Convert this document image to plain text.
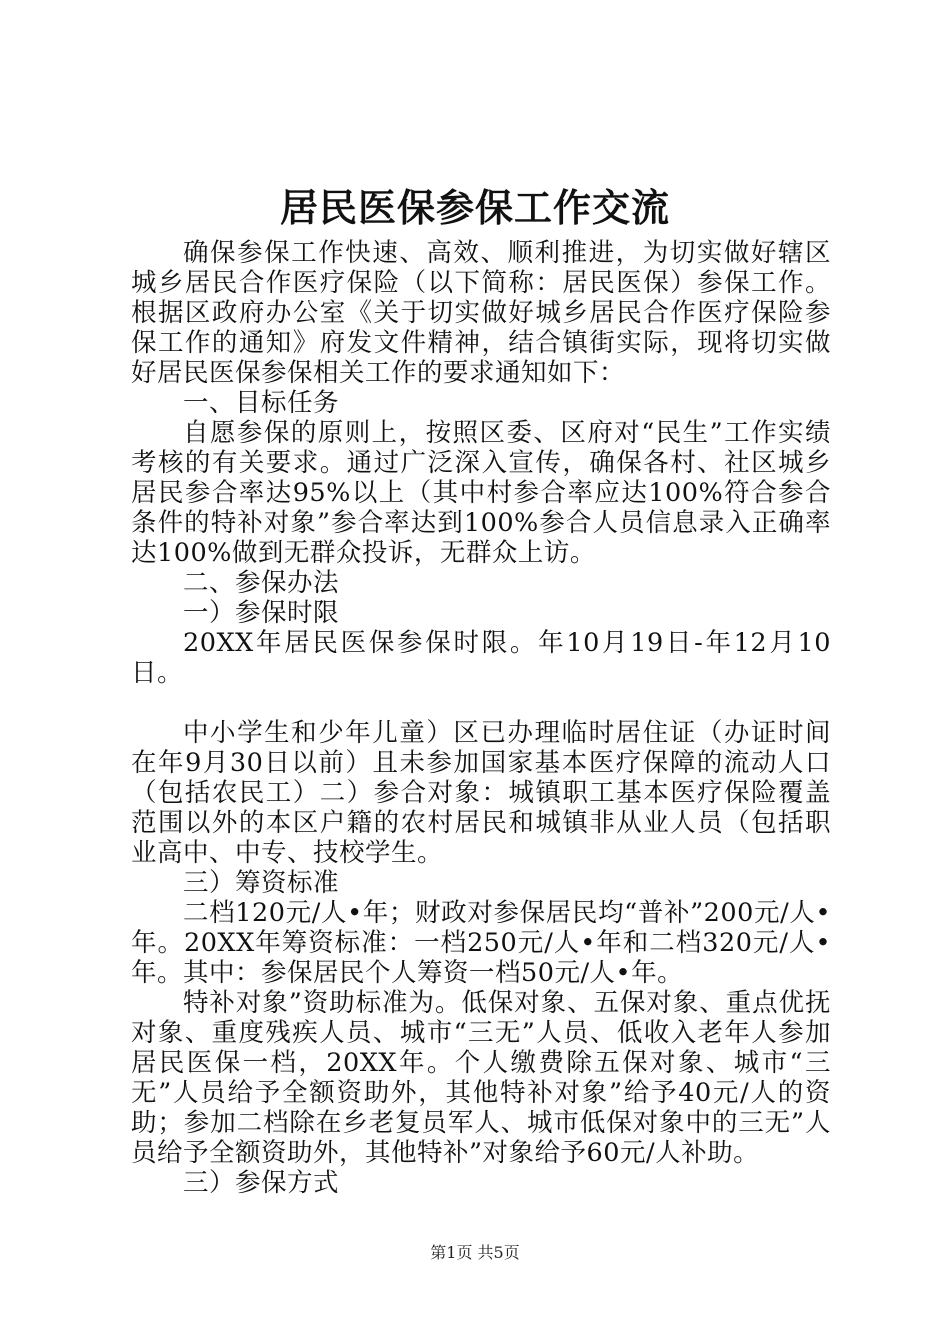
居民医保参保工作交流

确保参保工作快速、高效、顺利推进，为切实做好辖区城乡居民合作医疗保险（以下简称：居民医保）参保工作。根据区政府办公室《关于切实做好城乡居民合作医疗保险参保工作的通知》府发文件精神，结合镇街实际，现将切实做好居民医保参保相关工作的要求通知如下：

一、目标任务

自愿参保的原则上，按照区委、区府对“民生”工作实绩考核的有关要求。通过广泛深入宣传，确保各村、社区城乡居民参合率达95%以上（其中村参合率应达100%符合参合条件的特补对象”参合率达到100%参合人员信息录入正确率达100%做到无群众投诉，无群众上访。

二、参保办法

一）参保时限

20XX年居民医保参保时限。年10月19日-年12月10日。

中小学生和少年儿童）区已办理临时居住证（办证时间在年9月30日以前）且未参加国家基本医疗保障的流动人口（包括农民工）二）参合对象：城镇职工基本医疗保险覆盖范围以外的本区户籍的农村居民和城镇非从业人员（包括职业高中、中专、技校学生。

三）筹资标准

二档120元/人•年；财政对参保居民均“普补”200元/人•年。20XX年筹资标准：一档250元/人•年和二档320元/人•年。其中：参保居民个人筹资一档50元/人•年。

特补对象”资助标准为。低保对象、五保对象、重点优抚对象、重度残疾人员、城市“三无”人员、低收入老年人参加居民医保一档，20XX年。个人缴费除五保对象、城市“三无”人员给予全额资助外，其他特补对象”给予40元/人的资助；参加二档除在乡老复员军人、城市低保对象中的三无”人员给予全额资助外，其他特补”对象给予60元/人补助。

三）参保方式

第1页 共5页
